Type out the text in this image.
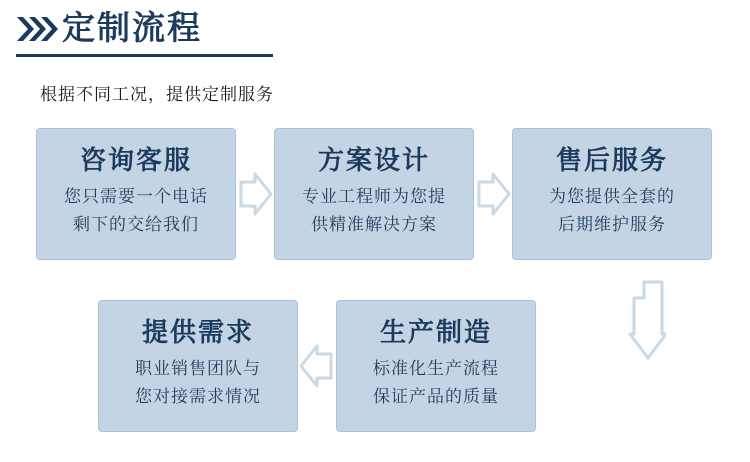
定制流程
根据不同工况，提供定制服务
咨询客服
您只需要一个电话
剩下的交给我们
方案设计
专业工程师为您提
供精准解决方案
售后服务
为您提供全套的
后期维护服务
生产制造
标准化生产流程
保证产品的质量
提供需求
职业销售团队与
您对接需求情况
